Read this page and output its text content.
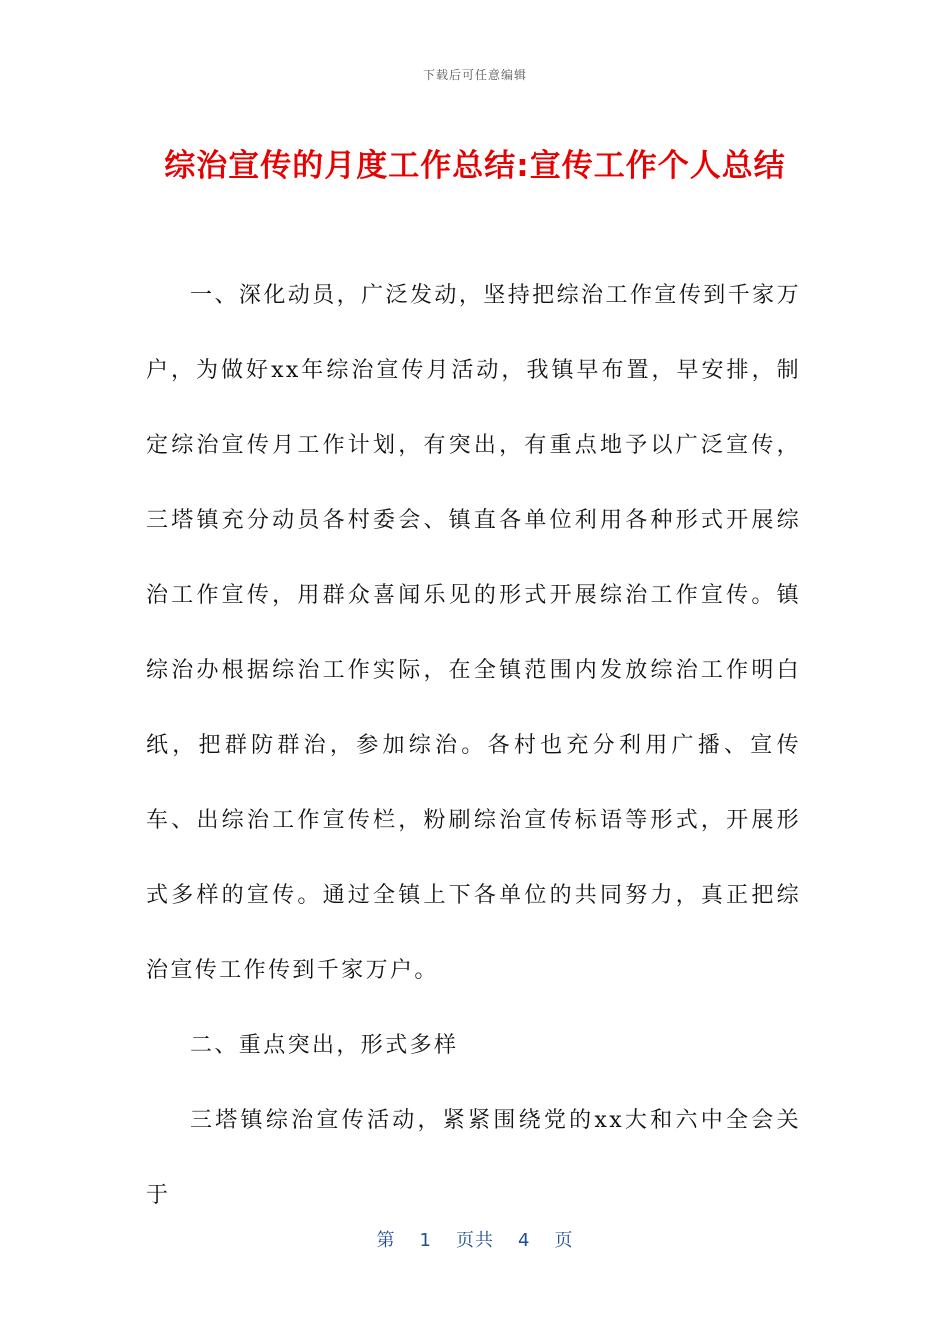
下载后可任意编辑
综治宣传的月度工作总结:宣传工作个人总结

一、深化动员，广泛发动，坚持把综治工作宣传到千家万户，为做好xx年综治宣传月活动，我镇早布置，早安排，制定综治宣传月工作计划，有突出，有重点地予以广泛宣传，三塔镇充分动员各村委会、镇直各单位利用各种形式开展综治工作宣传，用群众喜闻乐见的形式开展综治工作宣传。镇综治办根据综治工作实际，在全镇范围内发放综治工作明白纸，把群防群治，参加综治。各村也充分利用广播、宣传车、出综治工作宣传栏，粉刷综治宣传标语等形式，开展形式多样的宣传。通过全镇上下各单位的共同努力，真正把综治宣传工作传到千家万户。

二、重点突出，形式多样

三塔镇综治宣传活动，紧紧围绕党的xx大和六中全会关于

第 1 页共 4 页
